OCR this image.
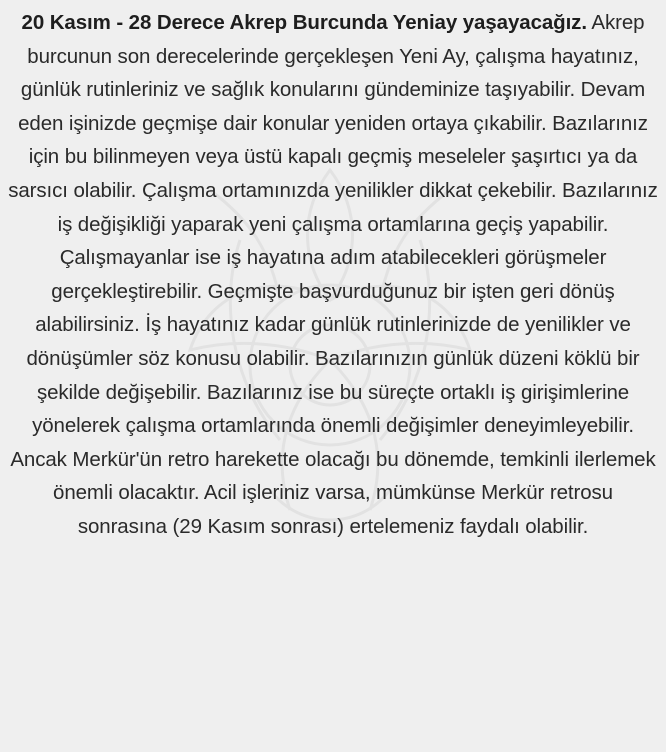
20 Kasım - 28 Derece Akrep Burcunda Yeniay yaşayacağız. Akrep burcunun son derecelerinde gerçekleşen Yeni Ay, çalışma hayatınız, günlük rutinleriniz ve sağlık konularını gündeminize taşıyabilir. Devam eden işinizde geçmişe dair konular yeniden ortaya çıkabilir. Bazılarınız için bu bilinmeyen veya üstü kapalı geçmiş meseleler şaşırtıcı ya da sarsıcı olabilir. Çalışma ortamınızda yenilikler dikkat çekebilir. Bazılarınız iş değişikliği yaparak yeni çalışma ortamlarına geçiş yapabilir. Çalışmayanlar ise iş hayatına adım atabilecekleri görüşmeler gerçekleştirebilir. Geçmişte başvurduğunuz bir işten geri dönüş alabilirsiniz. İş hayatınız kadar günlük rutinlerinizde de yenilikler ve dönüşümler söz konusu olabilir. Bazılarınızın günlük düzeni köklü bir şekilde değişebilir. Bazılarınız ise bu süreçte ortaklı iş girişimlerine yönelerek çalışma ortamlarında önemli değişimler deneyimleyebilir. Ancak Merkür'ün retro harekette olacağı bu dönemde, temkinli ilerlemek önemli olacaktır. Acil işleriniz varsa, mümkünse Merkür retrosu sonrasına (29 Kasım sonrası) ertelemeniz faydalı olabilir.
